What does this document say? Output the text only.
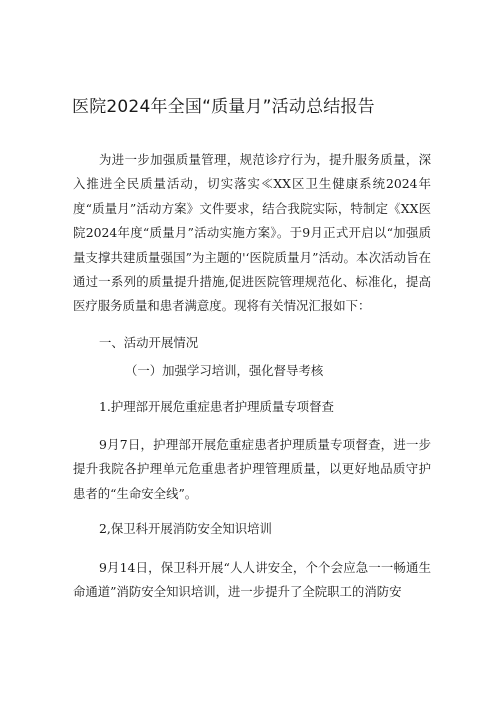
医院2024年全国“质量月”活动总结报告

为进一步加强质量管理，规范诊疗行为，提升服务质量，深入推进全民质量活动，切实落实≪XX区卫生健康系统2024年度“质量月”活动方案》文件要求，结合我院实际，特制定《XX医院2024年度“质量月”活动实施方案》。于9月正式开启以“加强质量支撑共建质量强国”为主题的'‘医院质量月”活动。本次活动旨在通过一系列的质量提升措施,促进医院管理规范化、标准化，提高医疗服务质量和患者满意度。现将有关情况汇报如下：

一、活动开展情况
（一）加强学习培训，强化督导考核
1.护理部开展危重症患者护理质量专项督查

9月7日，护理部开展危重症患者护理质量专项督查，进一步提升我院各护理单元危重患者护理管理质量，以更好地品质守护患者的“生命安全线”。

2,保卫科开展消防安全知识培训

9月14日，保卫科开展“人人讲安全，个个会应急一一畅通生命通道”消防安全知识培训，进一步提升了全院职工的消防安
